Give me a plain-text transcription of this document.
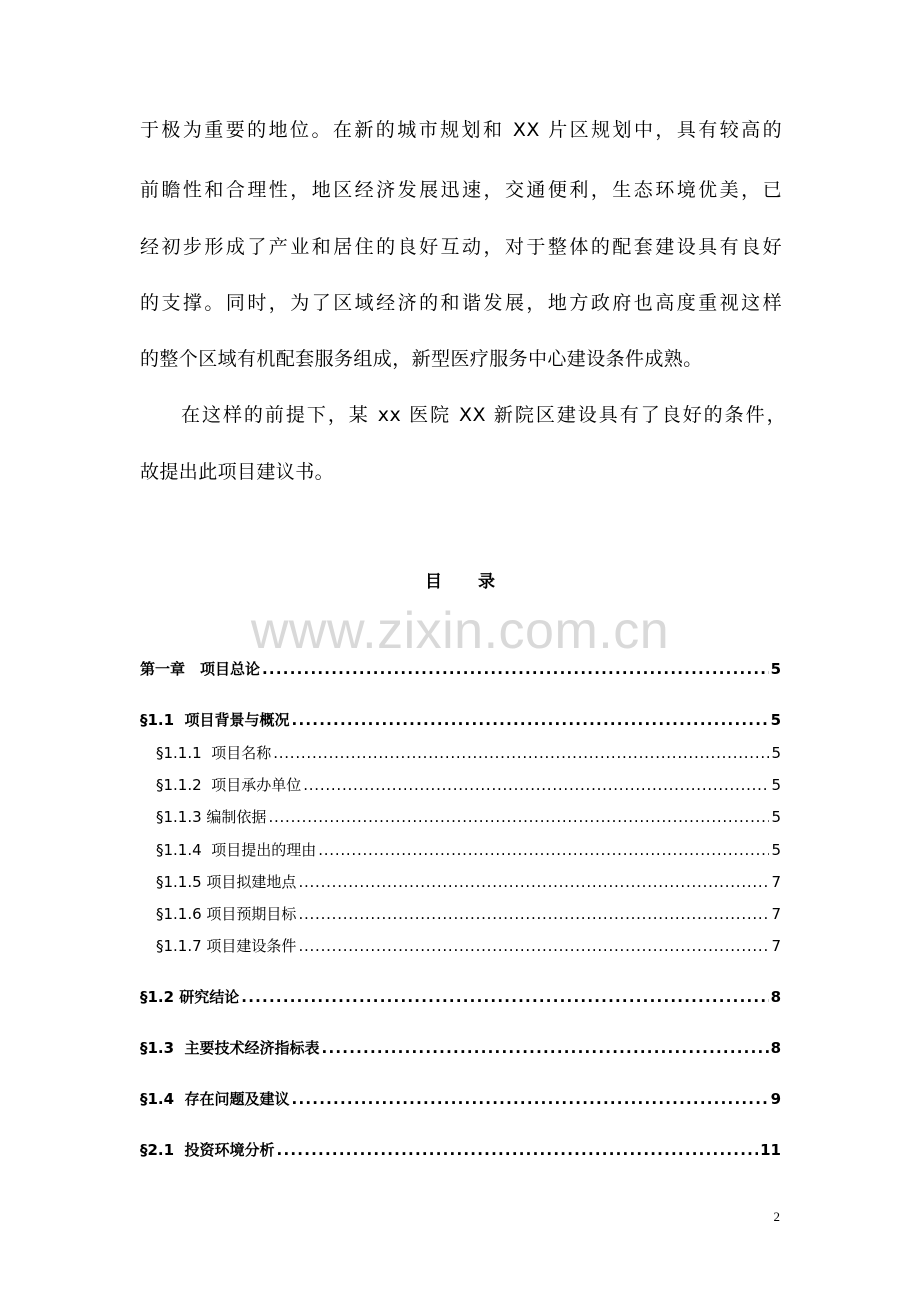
于极为重要的地位。在新的城市规划和 XX 片区规划中，具有较高的
前瞻性和合理性，地区经济发展迅速，交通便利，生态环境优美，已
经初步形成了产业和居住的良好互动，对于整体的配套建设具有良好
的支撑。同时，为了区域经济的和谐发展，地方政府也高度重视这样
的整个区域有机配套服务组成，新型医疗服务中心建设条件成熟。
在这样的前提下，某 xx 医院 XX 新院区建设具有了良好的条件，
故提出此项目建议书。
目 录
www.zixin.com.cn
第一章　项目总论 . . .	5
§1.1  项目背景与概况 . . .	5
§1.1.1  项目名称 . . .	5
§1.1.2  项目承办单位 . . .	5
§1.1.3 编制依据 . . .	5
§1.1.4  项目提出的理由 . . .	5
§1.1.5 项目拟建地点 . . .	7
§1.1.6 项目预期目标 . . .	7
§1.1.7 项目建设条件 . . .	7
§1.2 研究结论 . . .	8
§1.3  主要技术经济指标表 . . .	8
§1.4  存在问题及建议 . . .	9
§2.1  投资环境分析 . . .	11
2
